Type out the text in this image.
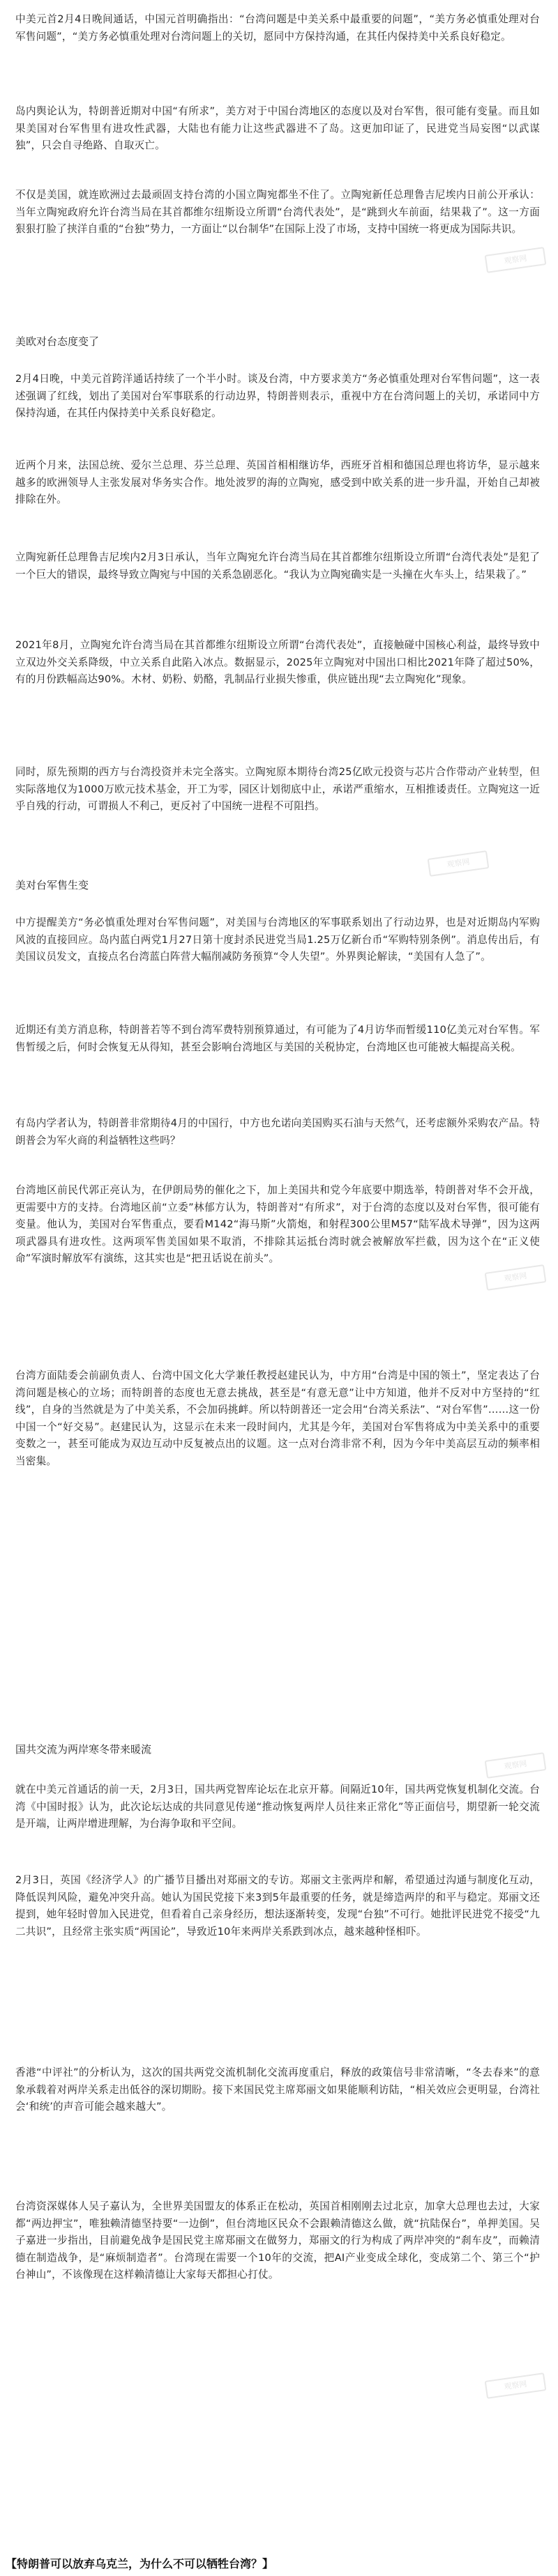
中美元首2月4日晚间通话，中国元首明确指出：“台湾问题是中美关系中最重要的问题”，“美方务必慎重处理对台军售问题”，“美方务必慎重处理对台湾问题上的关切，愿同中方保持沟通，在其任内保持美中关系良好稳定。

岛内舆论认为，特朗普近期对中国“有所求”，美方对于中国台湾地区的态度以及对台军售，很可能有变量。而且如果美国对台军售里有进攻性武器，大陆也有能力让这些武器进不了岛。这更加印证了，民进党当局妄图“以武谋独”，只会自寻绝路、自取灭亡。

不仅是美国，就连欧洲过去最顽固支持台湾的小国立陶宛都坐不住了。立陶宛新任总理鲁吉尼埃内日前公开承认：当年立陶宛政府允许台湾当局在其首都维尔纽斯设立所谓“台湾代表处”，是“跳到火车前面，结果栽了”。这一方面狠狠打脸了挟洋自重的“台独”势力，一方面让“以台制华”在国际上没了市场，支持中国统一将更成为国际共识。

美欧对台态度变了

2月4日晚，中美元首跨洋通话持续了一个半小时。谈及台湾，中方要求美方“务必慎重处理对台军售问题”，这一表述强调了红线，划出了美国对台军事联系的行动边界，特朗普则表示，重视中方在台湾问题上的关切，承诺同中方保持沟通，在其任内保持美中关系良好稳定。

近两个月来，法国总统、爱尔兰总理、芬兰总理、英国首相相继访华，西班牙首相和德国总理也将访华，显示越来越多的欧洲领导人主张发展对华务实合作。地处波罗的海的立陶宛，感受到中欧关系的进一步升温，开始自己却被排除在外。

立陶宛新任总理鲁吉尼埃内2月3日承认，当年立陶宛允许台湾当局在其首都维尔纽斯设立所谓“台湾代表处”是犯了一个巨大的错误，最终导致立陶宛与中国的关系急剧恶化。“我认为立陶宛确实是一头撞在火车头上，结果栽了。”

2021年8月，立陶宛允许台湾当局在其首都维尔纽斯设立所谓“台湾代表处”，直接触碰中国核心利益，最终导致中立双边外交关系降级，中立关系自此陷入冰点。数据显示，2025年立陶宛对中国出口相比2021年降了超过50%，有的月份跌幅高达90%。木材、奶粉、奶酪，乳制品行业损失惨重，供应链出现“去立陶宛化”现象。

同时，原先预期的西方与台湾投资并未完全落实。立陶宛原本期待台湾25亿欧元投资与芯片合作带动产业转型，但实际落地仅为1000万欧元技术基金，开工为零，园区计划彻底中止，承诺严重缩水，互相推诿责任。立陶宛这一近乎自残的行动，可谓损人不利己，更反衬了中国统一进程不可阻挡。

美对台军售生变

中方提醒美方“务必慎重处理对台军售问题”，对美国与台湾地区的军事联系划出了行动边界，也是对近期岛内军购风波的直接回应。岛内蓝白两党1月27日第十度封杀民进党当局1.25万亿新台币“军购特别条例”。消息传出后，有美国议员发文，直接点名台湾蓝白阵营大幅削减防务预算“令人失望”。外界舆论解读，“美国有人急了”。

近期还有美方消息称，特朗普若等不到台湾军费特别预算通过，有可能为了4月访华而暂缓110亿美元对台军售。军售暂缓之后，何时会恢复无从得知，甚至会影响台湾地区与美国的关税协定，台湾地区也可能被大幅提高关税。

有岛内学者认为，特朗普非常期待4月的中国行，中方也允诺向美国购买石油与天然气，还考虑额外采购农产品。特朗普会为军火商的利益牺牲这些吗？

台湾地区前民代郭正亮认为，在伊朗局势的催化之下，加上美国共和党今年底要中期选举，特朗普对华不会开战，更需要中方的支持。台湾地区前“立委”林郁方认为，特朗普对“有所求”，对于台湾的态度以及对台军售，很可能有变量。他认为，美国对台军售重点，要看M142“海马斯”火箭炮，和射程300公里M57“陆军战术导弹”，因为这两项武器具有进攻性。这两项军售美国如果不取消，不排除其运抵台湾时就会被解放军拦截，因为这个在“正义使命”军演时解放军有演练，这其实也是“把丑话说在前头”。

台湾方面陆委会前副负责人、台湾中国文化大学兼任教授赵建民认为，中方用“台湾是中国的领土”，坚定表达了台湾问题是核心的立场；而特朗普的态度也无意去挑战，甚至是“有意无意”让中方知道，他并不反对中方坚持的“红线”，自身的当然就是为了中美关系，不会加码挑衅。所以特朗普还一定会用“台湾关系法”、“对台军售”……这一份中国一个“好交易”。赵建民认为，这显示在未来一段时间内，尤其是今年，美国对台军售将成为中美关系中的重要变数之一，甚至可能成为双边互动中反复被点出的议题。这一点对台湾非常不利，因为今年中美高层互动的频率相当密集。

国共交流为两岸寒冬带来暖流

就在中美元首通话的前一天，2月3日，国共两党智库论坛在北京开幕。间隔近10年，国共两党恢复机制化交流。台湾《中国时报》认为，此次论坛达成的共同意见传递“推动恢复两岸人员往来正常化”等正面信号，期望新一轮交流是开端，让两岸增进理解，为台海争取和平空间。

2月3日，英国《经济学人》的广播节目播出对郑丽文的专访。郑丽文主张两岸和解，希望通过沟通与制度化互动，降低误判风险，避免冲突升高。她认为国民党接下来3到5年最重要的任务，就是缔造两岸的和平与稳定。郑丽文还提到，她年轻时曾加入民进党，但看着自己亲身经历，想法逐渐转变，发现“台独”不可行。她批评民进党不接受“九二共识”，且经常主张实质“两国论”，导致近10年来两岸关系跌到冰点，越来越种怪相吓。

香港“中评社”的分析认为，这次的国共两党交流机制化交流再度重启，释放的政策信号非常清晰，“冬去春来”的意象承载着对两岸关系走出低谷的深切期盼。接下来国民党主席郑丽文如果能顺利访陆，“相关效应会更明显，台湾社会‘和统’的声音可能会越来越大”。

台湾资深媒体人吴子嘉认为，全世界美国盟友的体系正在松动，英国首相刚刚去过北京，加拿大总理也去过，大家都“两边押宝”，唯独赖清德坚持要“一边倒”，但台湾地区民众不会跟赖清德这么做，就“抗陆保台”，单押美国。吴子嘉进一步指出，目前避免战争是国民党主席郑丽文在做努力，郑丽文的行为构成了两岸冲突的“刹车皮”，而赖清德在制造战争，是“麻烦制造者”。台湾现在需要一个10年的交流，把AI产业变成全球化，变成第二个、第三个“护台神山”，不该像现在这样赖清德让大家每天都担心打仗。

观察网
观察网
观察网
观察网
观察网
【特朗普可以放弃乌克兰，为什么不可以牺牲台湾？】
